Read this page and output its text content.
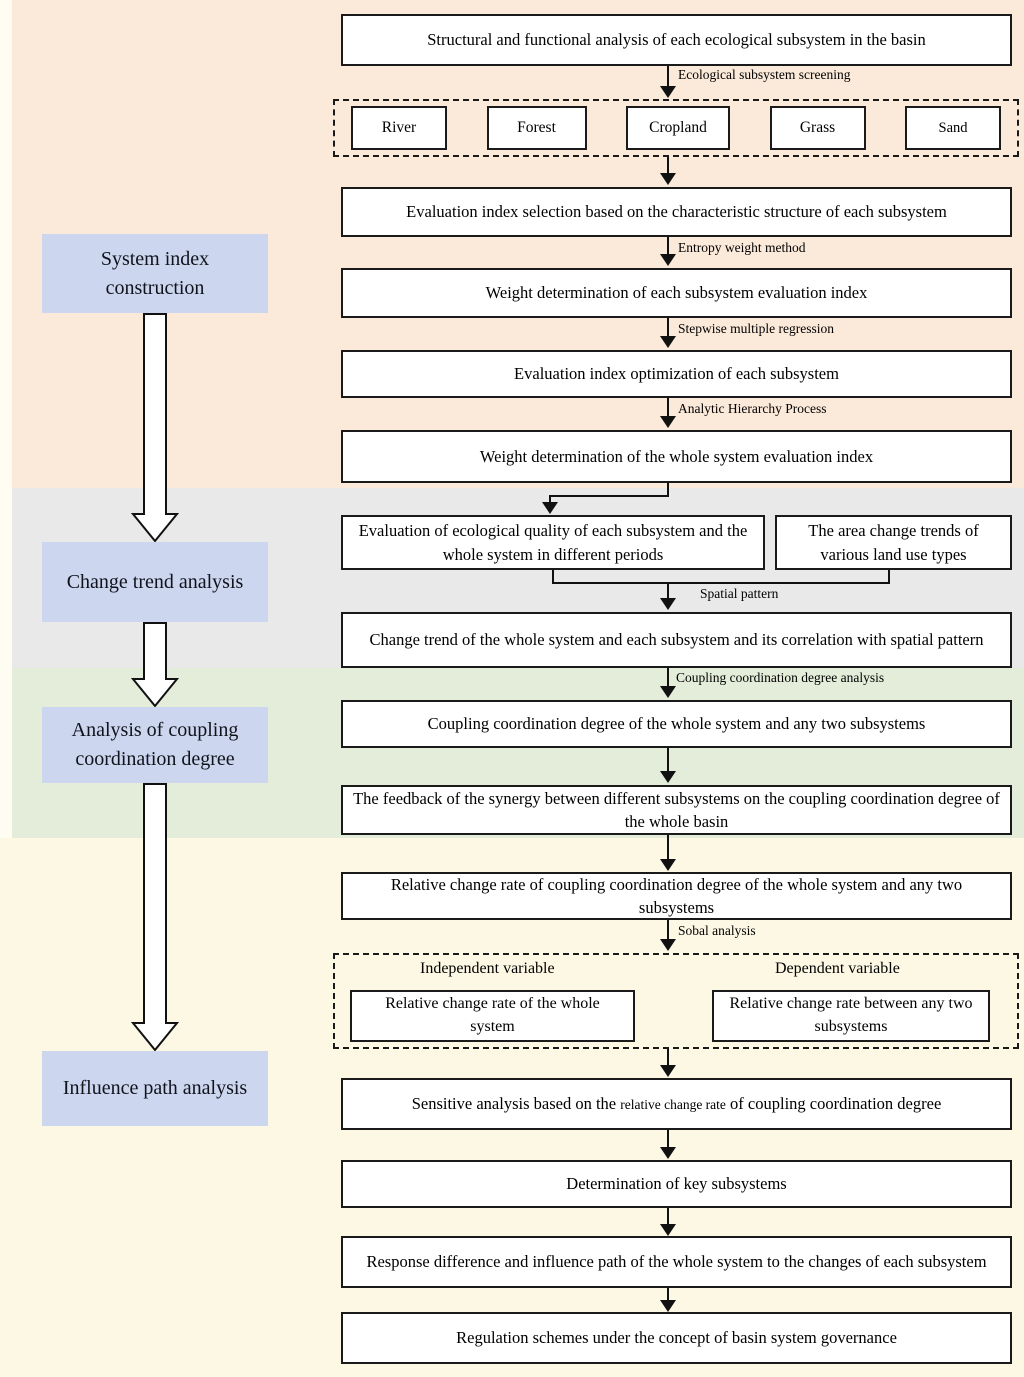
System index construction
Change trend analysis
Analysis of coupling coordination degree
Influence path analysis
Structural and functional analysis of each ecological subsystem in the basin
Ecological subsystem screening
River	Forest	Cropland	Grass	Sand
Evaluation index selection based on the characteristic structure of each subsystem
Entropy weight method
Weight determination of each subsystem evaluation index
Stepwise multiple regression
Evaluation index optimization of each subsystem
Analytic Hierarchy Process
Weight determination of the whole system evaluation index
Evaluation of ecological quality of each subsystem and the whole system in different periods
The area change trends of various land use types
Spatial pattern
Change trend of the whole system and each subsystem and its correlation with spatial pattern
Coupling coordination degree analysis
Coupling coordination degree of the whole system and any two subsystems
The feedback of the synergy between different subsystems on the coupling coordination degree of the whole basin
Relative change rate of coupling coordination degree of the whole system and any two subsystems
Sobal analysis
Independent variable	Dependent variable
Relative change rate of the whole system
Relative change rate between any two subsystems
Sensitive analysis based on the relative change rate of coupling coordination degree
Determination of key subsystems
Response difference and influence path of the whole system to the changes of each subsystem
Regulation schemes under the concept of basin system governance
